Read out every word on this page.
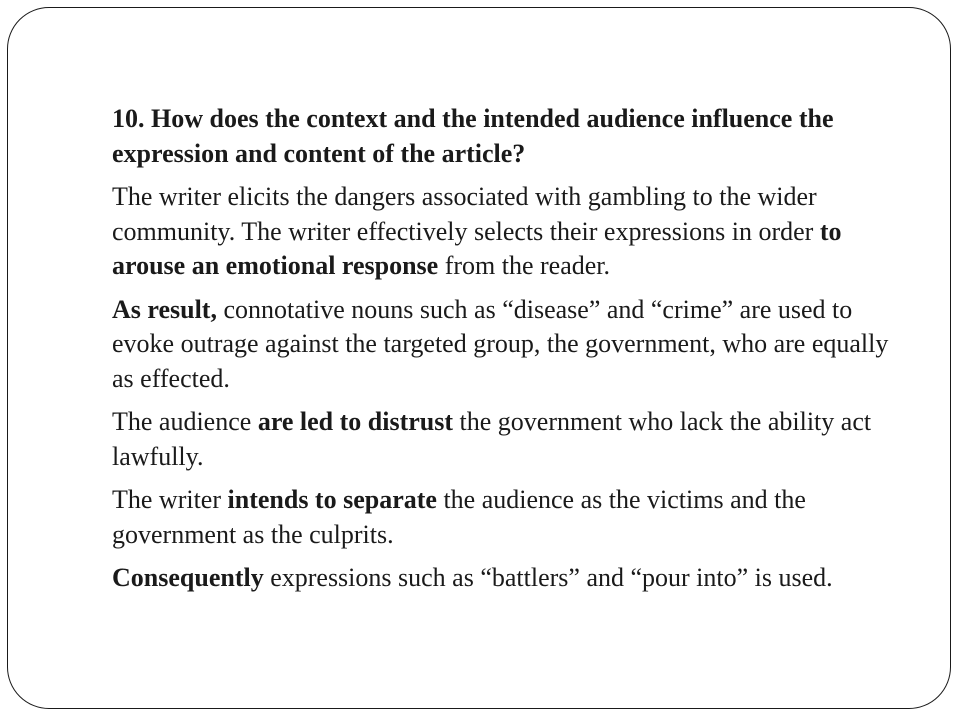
10. How does the context and the intended audience influence the expression and content of the article?

The writer elicits the dangers associated with gambling to the wider community. The writer effectively selects their expressions in order to arouse an emotional response from the reader.

As result, connotative nouns such as “disease” and “crime” are used to evoke outrage against the targeted group, the government, who are equally as effected.

The audience are led to distrust the government who lack the ability act lawfully.

The writer intends to separate the audience as the victims and the government as the culprits.

Consequently expressions such as “battlers” and “pour into” is used.
